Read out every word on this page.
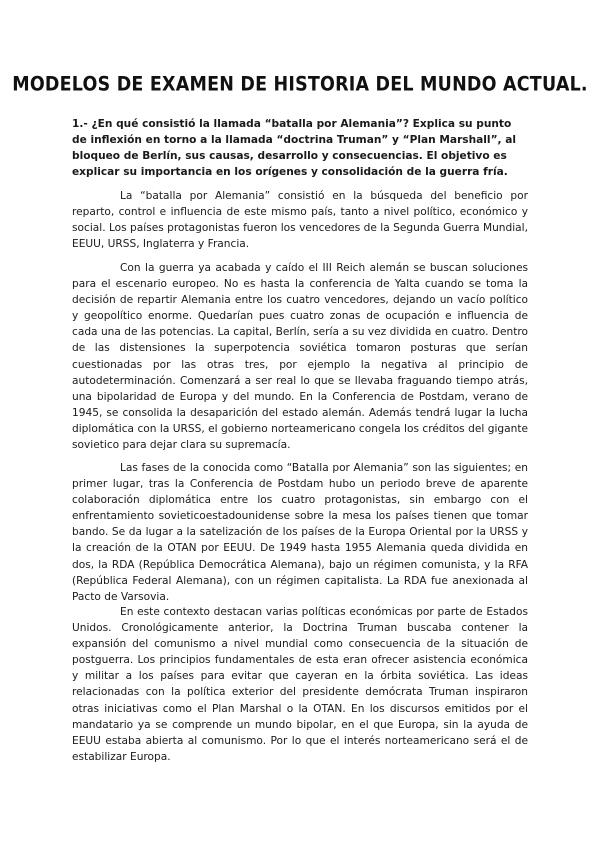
MODELOS DE EXAMEN DE HISTORIA DEL MUNDO ACTUAL.

1.- ¿En qué consistió la llamada “batalla por Alemania”? Explica su punto de inflexión en torno a la llamada “doctrina Truman” y “Plan Marshall”, al bloqueo de Berlín, sus causas, desarrollo y consecuencias. El objetivo es explicar su importancia en los orígenes y consolidación de la guerra fría.

La “batalla por Alemania” consistió en la búsqueda del beneficio por reparto, control e influencia de este mismo país, tanto a nivel político, económico y social. Los países protagonistas fueron los vencedores de la Segunda Guerra Mundial, EEUU, URSS, Inglaterra y Francia.

Con la guerra ya acabada y caído el III Reich alemán se buscan soluciones para el escenario europeo. No es hasta la conferencia de Yalta cuando se toma la decisión de repartir Alemania entre los cuatro vencedores, dejando un vacío político y geopolítico enorme. Quedarían pues cuatro zonas de ocupación e influencia de cada una de las potencias. La capital, Berlín, sería a su vez dividida en cuatro. Dentro de las distensiones la superpotencia soviética tomaron posturas que serían cuestionadas por las otras tres, por ejemplo la negativa al principio de autodeterminación. Comenzará a ser real lo que se llevaba fraguando tiempo atrás, una bipolaridad de Europa y del mundo. En la Conferencia de Postdam, verano de 1945, se consolida la desaparición del estado alemán. Además tendrá lugar la lucha diplomática con la URSS, el gobierno norteamericano congela los créditos del gigante sovietico para dejar clara su supremacía.

Las fases de la conocida como “Batalla por Alemania” son las siguientes; en primer lugar, tras la Conferencia de Postdam hubo un periodo breve de aparente colaboración diplomática entre los cuatro protagonistas, sin embargo con el enfrentamiento sovieticoestadounidense sobre la mesa los países tienen que tomar bando. Se da lugar a la satelización de los países de la Europa Oriental por la URSS y la creación de la OTAN por EEUU. De 1949 hasta 1955 Alemania queda dividida en dos, la RDA (República Democrática Alemana), bajo un régimen comunista, y la RFA (República Federal Alemana), con un régimen capitalista. La RDA fue anexionada al Pacto de Varsovia.

En este contexto destacan varias políticas económicas por parte de Estados Unidos. Cronológicamente anterior, la Doctrina Truman buscaba contener la expansión del comunismo a nivel mundial como consecuencia de la situación de postguerra. Los principios fundamentales de esta eran ofrecer asistencia económica y militar a los países para evitar que cayeran en la órbita soviética. Las ideas relacionadas con la política exterior del presidente demócrata Truman inspiraron otras iniciativas como el Plan Marshal o la OTAN. En los discursos emitidos por el mandatario ya se comprende un mundo bipolar, en el que Europa, sin la ayuda de EEUU estaba abierta al comunismo. Por lo que el interés norteamericano será el de estabilizar Europa.
